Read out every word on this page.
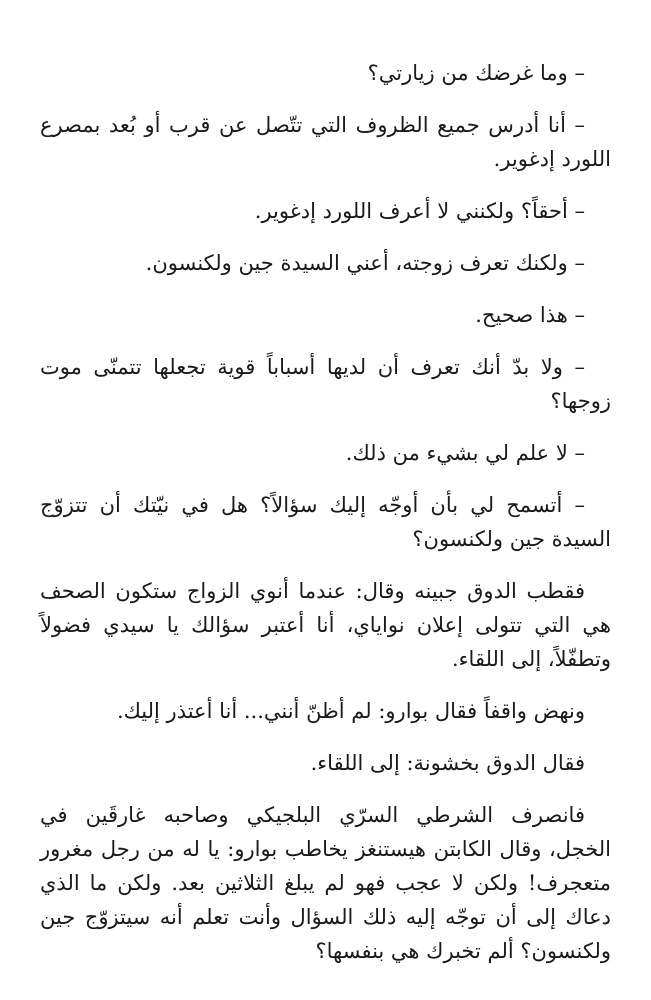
– وما غرضك من زيارتي؟

– أنا أدرس جميع الظروف التي تتّصل عن قرب أو بُعد بمصرع اللورد إدغوير.

– أحقاً؟ ولكنني لا أعرف اللورد إدغوير.

– ولكنك تعرف زوجته، أعني السيدة جين ولكنسون.

– هذا صحيح.

– ولا بدّ أنك تعرف أن لديها أسباباً قوية تجعلها تتمنّى موت زوجها؟

– لا علم لي بشيء من ذلك.

– أتسمح لي بأن أوجّه إليك سؤالاً؟ هل في نيّتك أن تتزوّج السيدة جين ولكنسون؟

فقطب الدوق جبينه وقال: عندما أنوي الزواج ستكون الصحف هي التي تتولى إعلان نواياي، أنا أعتبر سؤالك يا سيدي فضولاً وتطفّلاً، إلى اللقاء.

ونهض واقفاً فقال بوارو: لم أظنّ أنني... أنا أعتذر إليك.

فقال الدوق بخشونة: إلى اللقاء.

فانصرف الشرطي السرّي البلجيكي وصاحبه غارقَين في الخجل، وقال الكابتن هيستنغز يخاطب بوارو: يا له من رجل مغرور متعجرف! ولكن لا عجب فهو لم يبلغ الثلاثين بعد. ولكن ما الذي دعاك إلى أن توجّه إليه ذلك السؤال وأنت تعلم أنه سيتزوّج جين ولكنسون؟ ألم تخبرك هي بنفسها؟
